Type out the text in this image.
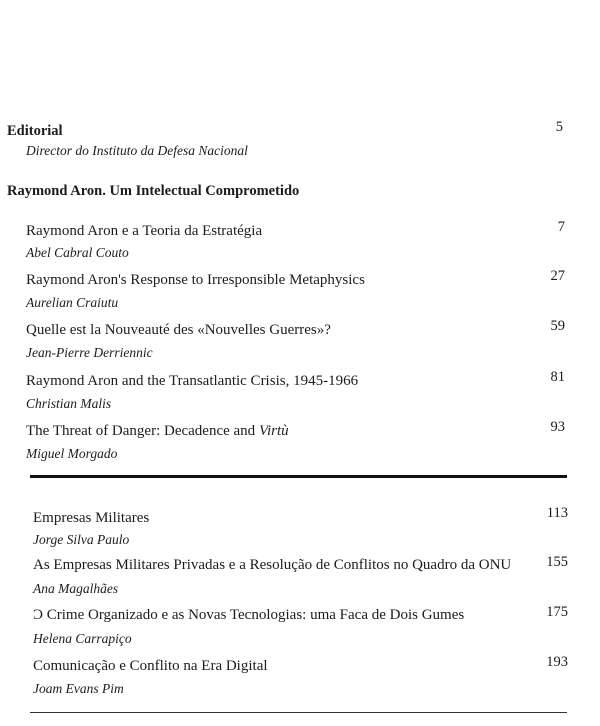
Editorial
Director do Instituto da Defesa Nacional
5
Raymond Aron. Um Intelectual Comprometido
Raymond Aron e a Teoria da Estratégia
Abel Cabral Couto
7
Raymond Aron's Response to Irresponsible Metaphysics
Aurelian Craiutu
27
Quelle est la Nouveauté des «Nouvelles Guerres»?
Jean-Pierre Derriennic
59
Raymond Aron and the Transatlantic Crisis, 1945-1966
Christian Malis
81
The Threat of Danger: Decadence and Virtù
Miguel Morgado
93
Empresas Militares
Jorge Silva Paulo
113
As Empresas Militares Privadas e a Resolução de Conflitos no Quadro da ONU
Ana Magalhães
155
Ͻ Crime Organizado e as Novas Tecnologias: uma Faca de Dois Gumes
Helena Carrapiço
175
Comunicação e Conflito na Era Digital
Joam Evans Pim
193
